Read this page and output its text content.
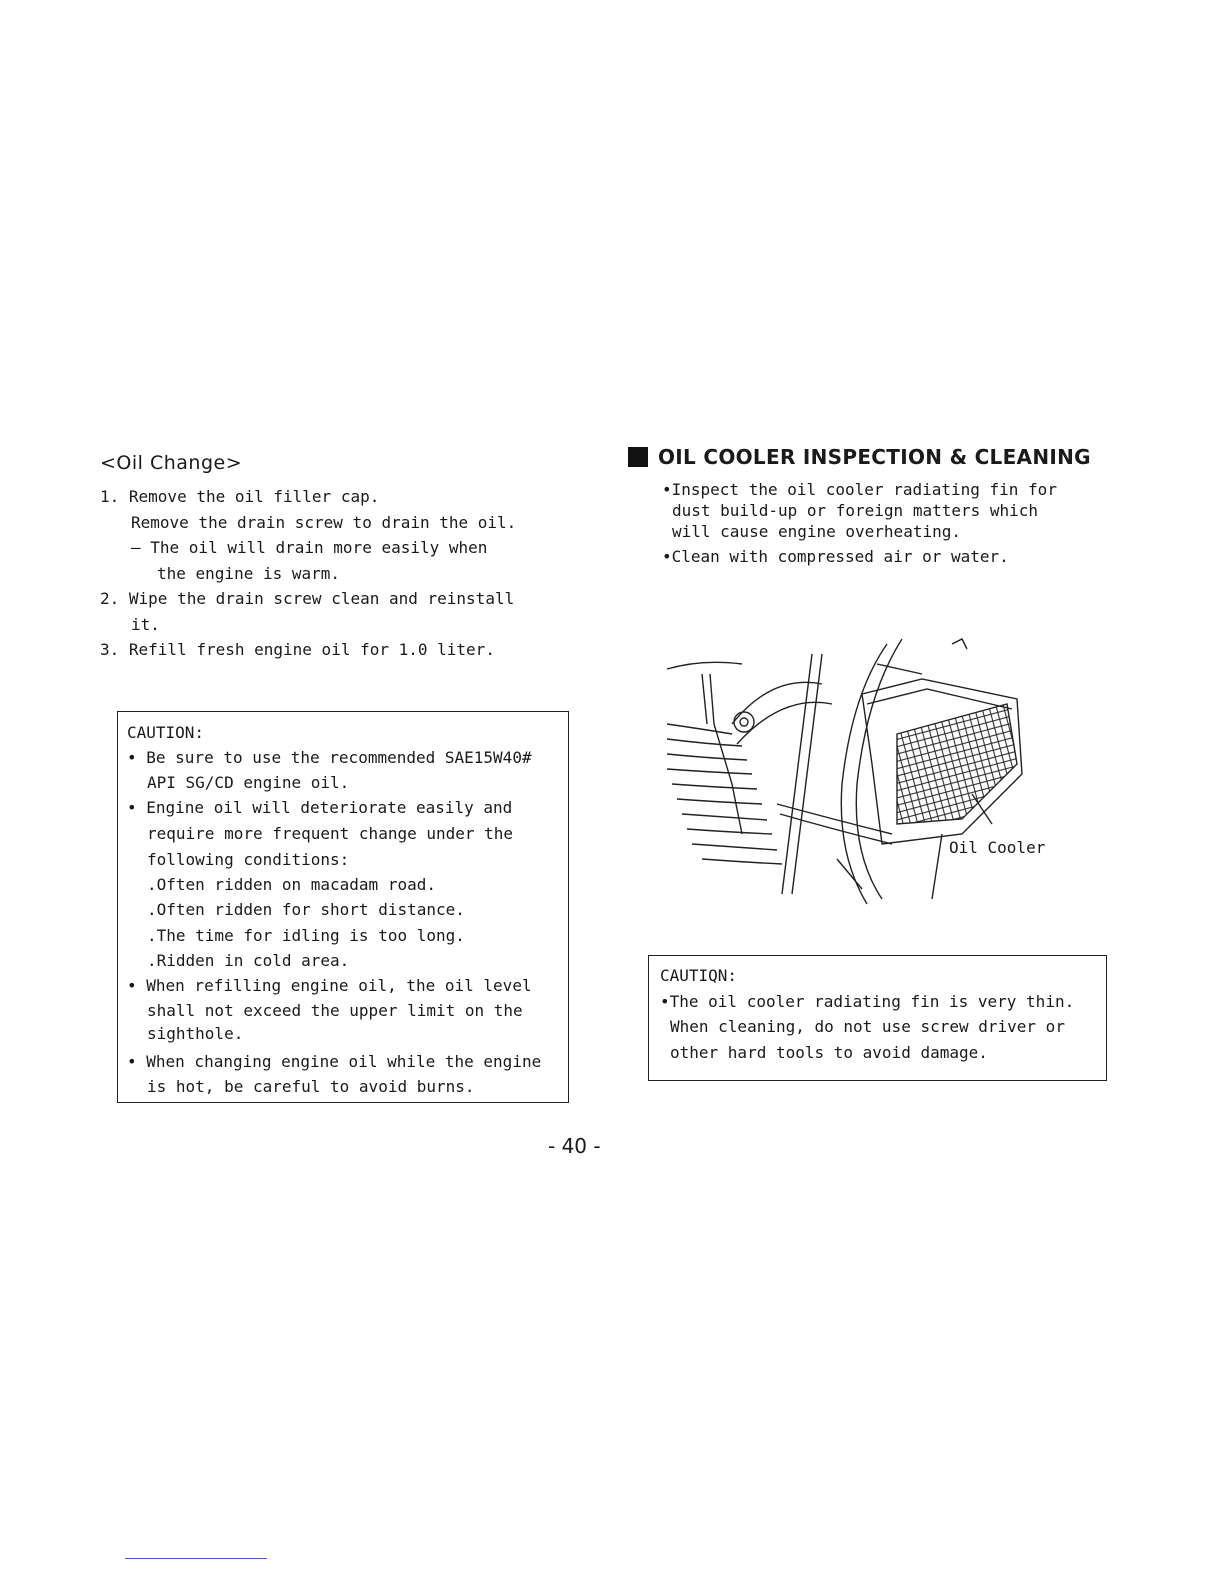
<Oil Change>
1. Remove the oil filler cap.
Remove the drain screw to drain the oil.
— The oil will drain more easily when
the engine is warm.
2. Wipe the drain screw clean and reinstall
it.
3. Refill fresh engine oil for 1.0 liter.
CAUTION:
• Be sure to use the recommended SAE15W40#
API SG/CD engine oil.
• Engine oil will deteriorate easily and
require more frequent change under the
following conditions:
.Often ridden on macadam road.
.Often ridden for short distance.
.The time for idling is too long.
.Ridden in cold area.
• When refilling engine oil, the oil level
shall not exceed the upper limit on the
sighthole.
• When changing engine oil while the engine
is hot, be careful to avoid burns.
OIL COOLER INSPECTION & CLEANING
•Inspect the oil cooler radiating fin for
dust build-up or foreign matters which
will cause engine overheating.
•Clean with compressed air or water.
Oil Cooler
CAUTIQN:
•The oil cooler radiating fin is very thin.
When cleaning, do not use screw driver or
other hard tools to avoid damage.
- 40 -
